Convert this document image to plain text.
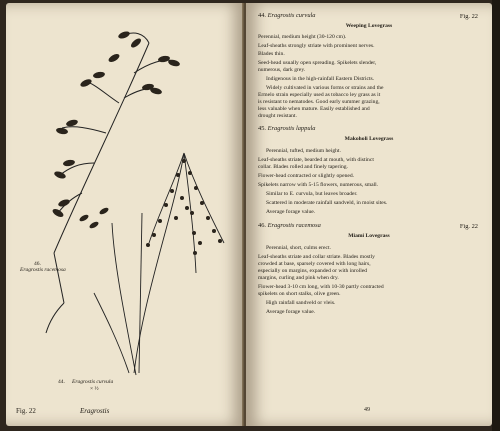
46.
Eragrostis racemosa
44. Eragrostis curvula
× ½
Fig. 22	Eragrostis
44. Eragrostis curvula	Fig. 22
Weeping Lovegrass
Perennial, medium height (30-120 cm).
Leaf-sheaths strongly striate with prominent nerves.
Blades thin.
Seed-head usually open spreading. Spikelets slender,
numerous, dark grey.
Indigenous in the high-rainfall Eastern Districts.
Widely cultivated in various forms or strains and the
Ermelo strain especially used as tobacco ley grass as it
is resistant to nematodes. Good early summer grazing,
less valuable when mature. Easily established and
drought resistant.
45. Eragrostis lappula
Makoholi Lovegrass
Perennial, tufted, medium height.
Leaf-sheaths striate, bearded at mouth, with distinct
collar. Blades rolled and finely tapering.
Flower-head contracted or slightly opened.
Spikelets narrow with 5-15 flowers, numerous, small.
Similar to E. curvula, but leaves broader.
Scattered in moderate rainfall sandveld, in moist sites.
Average forage value.
46. Eragrostis racemosa	Fig. 22
Miami Lovegrass
Perennial, short, culms erect.
Leaf-sheaths striate and collar striate. Blades mostly
crowded at base, sparsely covered with long hairs,
especially on margins, expanded or with inrolled
margins, curling and pink when dry.
Flower-head 3-10 cm long, with 10-30 partly contracted
spikelets on short stalks, olive green.
High rainfall sandveld or vleis.
Average forage value.
49
